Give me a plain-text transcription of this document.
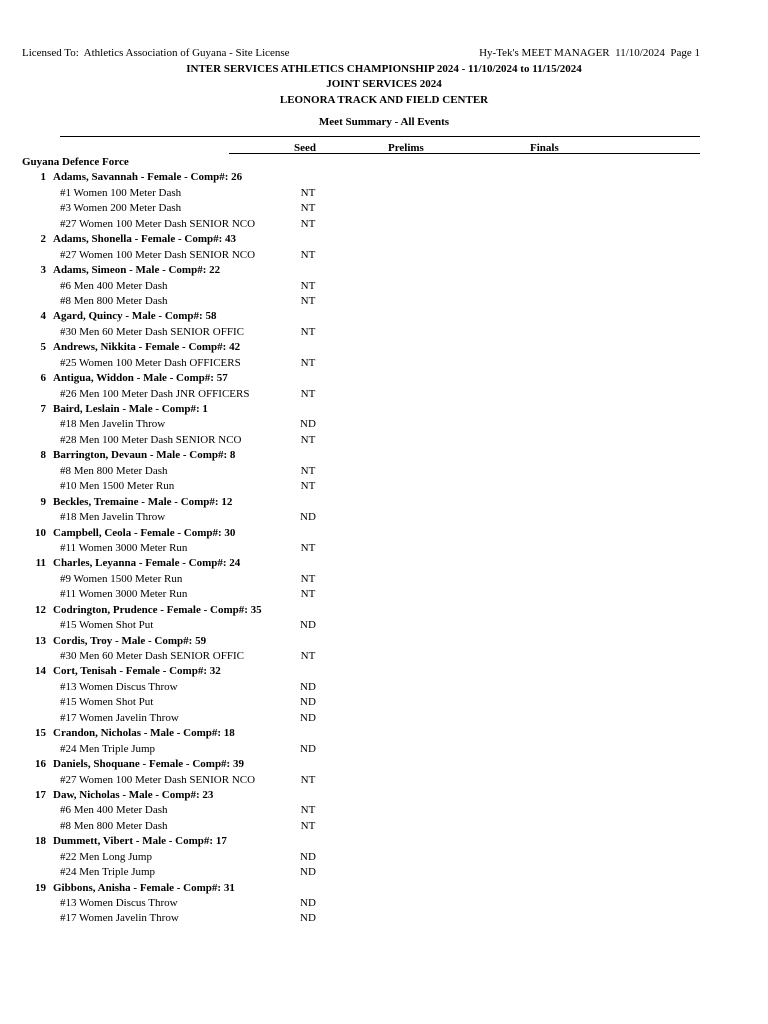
Licensed To:  Athletics Association of Guyana - Site License	Hy-Tek's MEET MANAGER  11/10/2024  Page 1
INTER SERVICES ATHLETICS CHAMPIONSHIP 2024 - 11/10/2024 to 11/15/2024
JOINT SERVICES 2024
LEONORA TRACK AND FIELD CENTER
Meet Summary - All Events
Seed	Prelims	Finals
Guyana Defence Force
1 Adams, Savannah - Female - Comp#: 26
#1 Women 100 Meter Dash	NT
#3 Women 200 Meter Dash	NT
#27 Women 100 Meter Dash SENIOR NCO	NT
2 Adams, Shonella - Female - Comp#: 43
#27 Women 100 Meter Dash SENIOR NCO	NT
3 Adams, Simeon - Male - Comp#: 22
#6 Men 400 Meter Dash	NT
#8 Men 800 Meter Dash	NT
4 Agard, Quincy - Male - Comp#: 58
#30 Men 60 Meter Dash SENIOR OFFIC	NT
5 Andrews, Nikkita - Female - Comp#: 42
#25 Women 100 Meter Dash OFFICERS	NT
6 Antigua, Widdon - Male - Comp#: 57
#26 Men 100 Meter Dash JNR OFFICERS	NT
7 Baird, Leslain - Male - Comp#: 1
#18 Men Javelin Throw	ND
#28 Men 100 Meter Dash SENIOR NCO	NT
8 Barrington, Devaun - Male - Comp#: 8
#8 Men 800 Meter Dash	NT
#10 Men 1500 Meter Run	NT
9 Beckles, Tremaine - Male - Comp#: 12
#18 Men Javelin Throw	ND
10 Campbell, Ceola - Female - Comp#: 30
#11 Women 3000 Meter Run	NT
11 Charles, Leyanna - Female - Comp#: 24
#9 Women 1500 Meter Run	NT
#11 Women 3000 Meter Run	NT
12 Codrington, Prudence - Female - Comp#: 35
#15 Women Shot Put	ND
13 Cordis, Troy - Male - Comp#: 59
#30 Men 60 Meter Dash SENIOR OFFIC	NT
14 Cort, Tenisah - Female - Comp#: 32
#13 Women Discus Throw	ND
#15 Women Shot Put	ND
#17 Women Javelin Throw	ND
15 Crandon, Nicholas - Male - Comp#: 18
#24 Men Triple Jump	ND
16 Daniels, Shoquane - Female - Comp#: 39
#27 Women 100 Meter Dash SENIOR NCO	NT
17 Daw, Nicholas - Male - Comp#: 23
#6 Men 400 Meter Dash	NT
#8 Men 800 Meter Dash	NT
18 Dummett, Vibert - Male - Comp#: 17
#22 Men Long Jump	ND
#24 Men Triple Jump	ND
19 Gibbons, Anisha - Female - Comp#: 31
#13 Women Discus Throw	ND
#17 Women Javelin Throw	ND
